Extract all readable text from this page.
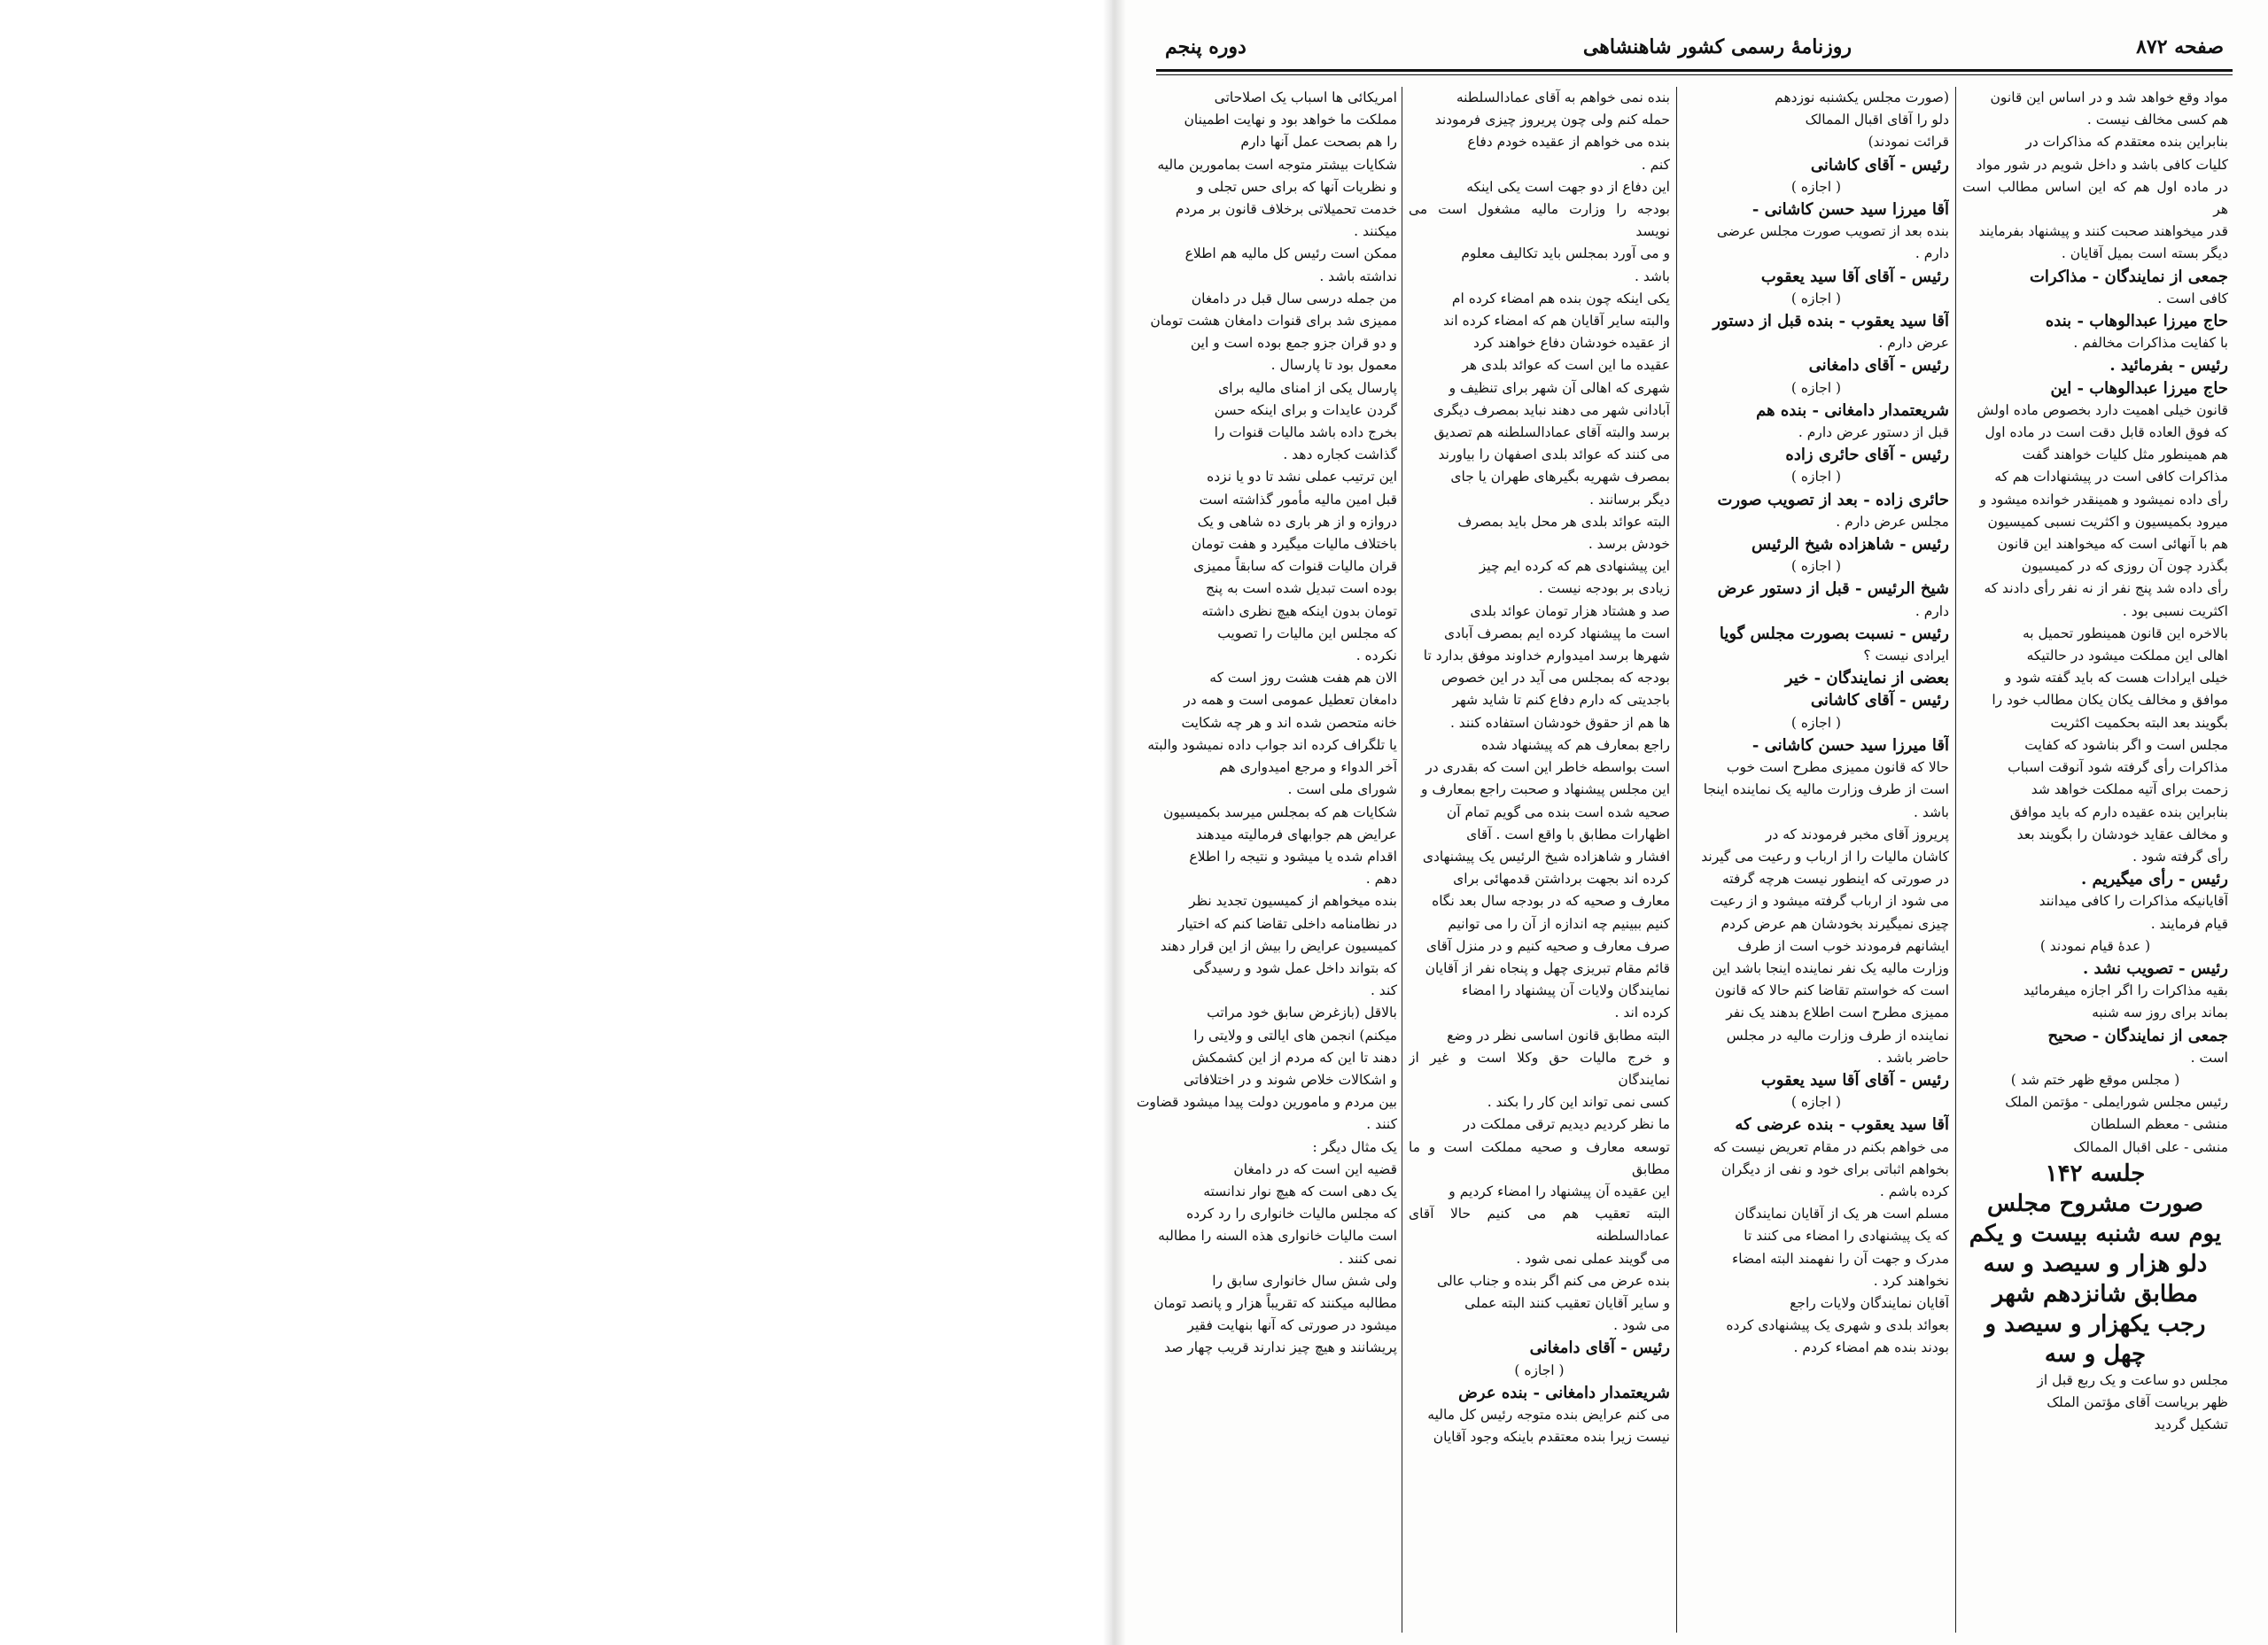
صفحه ۸۷۲
روزنامهٔ رسمی کشور شاهنشاهی
دوره پنجم

مواد وقع خواهد شد و در اساس این قانون

هم کسی مخالف نیست .

بنابراین بنده معتقدم که مذاکرات در

کلیات کافی باشد و داخل شویم در شور مواد

در ماده اول هم که این اساس مطالب است هر

قدر میخواهند صحبت کنند و پیشنهاد بفرمایند

دیگر بسته است بمیل آقایان .

جمعی از نمایندگان - مذاکرات

کافی است .

حاج میرزا عبدالوهاب - بنده

با کفایت مذاکرات مخالفم .

رئیس - بفرمائید .

حاج میرزا عبدالوهاب - این

قانون خیلی اهمیت دارد بخصوص ماده اولش

که فوق العاده قابل دقت است در ماده اول

هم همینطور مثل کلیات خواهند گفت

مذاکرات کافی است در پیشنهادات هم که

رأی داده نمیشود و همینقدر خوانده میشود و

میرود بکمیسیون و اکثریت نسبی کمیسیون

هم با آنهائی است که میخواهند این قانون

بگذرد چون آن روزی که در کمیسیون

رأی داده شد پنج نفر از نه نفر رأی دادند که

اکثریت نسبی بود .

بالاخره این قانون همینطور تحمیل به

اهالی این مملکت میشود در حالتیکه

خیلی ایرادات هست که باید گفته شود و

موافق و مخالف یکان یکان مطالب خود را

بگویند بعد البته بحکمیت اکثریت

مجلس است و اگر بناشود که کفایت

مذاکرات رأی گرفته شود آنوقت اسباب

زحمت برای آتیه مملکت خواهد شد

بنابراین بنده عقیده دارم که باید موافق

و مخالف عقاید خودشان را بگویند بعد

رأی گرفته شود .

رئیس - رأی میگیریم .

آقایانیکه مذاکرات را کافی میدانند

قیام فرمایند .

( عدهٔ قیام نمودند )

رئیس - تصویب نشد .

بقیه مذاکرات را اگر اجازه میفرمائید

بماند برای روز سه شنبه

جمعی از نمایندگان - صحیح

است .

( مجلس موقع ظهر ختم شد )

رئیس مجلس شورایملی - مؤتمن الملک

منشی - معظم السلطان

منشی - علی اقبال الممالک

جلسه ۱۴۲

صورت مشروح مجلس

یوم سه شنبه بیست و یکم

دلو هزار و سیصد و سه

مطابق شانزدهم شهر

رجب یکهزار و سیصد و

چهل و سه

مجلس دو ساعت و یک ربع قبل از

ظهر بریاست آقای مؤتمن الملک

تشکیل گردید

(صورت مجلس یکشنبه نوزدهم

دلو را آقای اقبال الممالک

قرائت نمودند)

رئیس - آقای کاشانی

( اجازه )

آقا میرزا سید حسن کاشانی -

بنده بعد از تصویب صورت مجلس عرضی

دارم .

رئیس - آقای آقا سید یعقوب

( اجازه )

آقا سید یعقوب - بنده قبل از دستور

عرض دارم .

رئیس - آقای دامغانی

( اجازه )

شریعتمدار دامغانی - بنده هم

قبل از دستور عرض دارم .

رئیس - آقای حائری زاده

( اجازه )

حائری زاده - بعد از تصویب صورت

مجلس عرض دارم .

رئیس - شاهزاده شیخ الرئیس

( اجازه )

شیخ الرئیس - قبل از دستور عرض

دارم .

رئیس - نسبت بصورت مجلس گویا

ایرادی نیست ؟

بعضی از نمایندگان - خیر

رئیس - آقای کاشانی

( اجازه )

آقا میرزا سید حسن کاشانی -

حالا که قانون ممیزی مطرح است خوب

است از طرف وزارت مالیه یک نماینده اینجا

باشد .

پریروز آقای مخبر فرمودند که در

کاشان مالیات را از ارباب و رعیت می گیرند

در صورتی که اینطور نیست هرچه گرفته

می شود از ارباب گرفته میشود و از رعیت

چیزی نمیگیرند بخودشان هم عرض کردم

ایشانهم فرمودند خوب است از طرف

وزارت مالیه یک نفر نماینده اینجا باشد این

است که خواستم تقاضا کنم حالا که قانون

ممیزی مطرح است اطلاع بدهند یک نفر

نماینده از طرف وزارت مالیه در مجلس

حاضر باشد .

رئیس - آقای آقا سید یعقوب

( اجازه )

آقا سید یعقوب - بنده عرضی که

می خواهم بکنم در مقام تعریض نیست که

بخواهم اثباتی برای خود و نفی از دیگران

کرده باشم .

مسلم است هر یک از آقایان نمایندگان

که یک پیشنهادی را امضاء می کنند تا

مدرک و جهت آن را نفهمند البته امضاء

نخواهند کرد .

آقایان نمایندگان ولایات راجع

بعوائد بلدی و شهری یک پیشنهادی کرده

بودند بنده هم امضاء کردم .

بنده نمی خواهم به آقای عمادالسلطنه

حمله کنم ولی چون پریروز چیزی فرمودند

بنده می خواهم از عقیده خودم دفاع

کنم .

این دفاع از دو جهت است یکی اینکه

بودجه را وزارت مالیه مشغول است می نویسد

و می آورد بمجلس باید تکالیف معلوم

باشد .

یکی اینکه چون بنده هم امضاء کرده ام

والبته سایر آقایان هم که امضاء کرده اند

از عقیده خودشان دفاع خواهند کرد

عقیده ما این است که عوائد بلدی هر

شهری که اهالی آن شهر برای تنظیف و

آبادانی شهر می دهند نباید بمصرف دیگری

برسد والبته آقای عمادالسلطنه هم تصدیق

می کنند که عوائد بلدی اصفهان را بیاورند

بمصرف شهریه بگیرهای طهران یا جای

دیگر برسانند .

البته عوائد بلدی هر محل باید بمصرف

خودش برسد .

این پیشنهادی هم که کرده ایم چیز

زیادی بر بودجه نیست .

صد و هشتاد هزار تومان عوائد بلدی

است ما پیشنهاد کرده ایم بمصرف آبادی

شهرها برسد امیدوارم خداوند موفق بدارد تا

بودجه که بمجلس می آید در این خصوص

باجدیتی که دارم دفاع کنم تا شاید شهر

ها هم از حقوق خودشان استفاده کنند .

راجع بمعارف هم که پیشنهاد شده

است بواسطه خاطر این است که بقدری در

این مجلس پیشنهاد و صحبت راجع بمعارف و

صحیه شده است بنده می گویم تمام آن

اظهارات مطابق با واقع است . آقای

افشار و شاهزاده شیخ الرئیس یک پیشنهادی

کرده اند بجهت برداشتن قدمهائی برای

معارف و صحیه که در بودجه سال بعد نگاه

کنیم ببینیم چه اندازه از آن را می توانیم

صرف معارف و صحیه کنیم و در منزل آقای

قائم مقام تبریزی چهل و پنجاه نفر از آقایان

نمایندگان ولایات آن پیشنهاد را امضاء

کرده اند .

البته مطابق قانون اساسی نظر در وضع

و خرج مالیات حق وکلا است و غیر از نمایندگان

کسی نمی تواند این کار را بکند .

ما نظر کردیم دیدیم ترقی مملکت در

توسعه معارف و صحیه مملکت است و ما مطابق

این عقیده آن پیشنهاد را امضاء کردیم و

البته تعقیب هم می کنیم حالا آقای عمادالسلطنه

می گویند عملی نمی شود .

بنده عرض می کنم اگر بنده و جناب عالی

و سایر آقایان تعقیب کنند البته عملی

می شود .

رئیس - آقای دامغانی

( اجازه )

شریعتمدار دامغانی - بنده عرض

می کنم عرایض بنده متوجه رئیس کل مالیه

نیست زیرا بنده معتقدم باینکه وجود آقایان

امریکائی ها اسباب یک اصلاحاتی

مملکت ما خواهد بود و نهایت اطمینان

را هم بصحت عمل آنها دارم

شکایات بیشتر متوجه است بمامورین مالیه

و نظریات آنها که برای حس تجلی و

خدمت تحمیلاتی برخلاف قانون بر مردم

میکنند .

ممکن است رئیس کل مالیه هم اطلاع

نداشته باشد .

من جمله درسی سال قبل در دامغان

ممیزی شد برای قنوات دامغان هشت تومان

و دو قران جزو جمع بوده است و این

معمول بود تا پارسال .

پارسال یکی از امنای مالیه برای

گردن عایدات و برای اینکه حسن

بخرج داده باشد مالیات قنوات را

گذاشت کجاره دهد .

این ترتیب عملی نشد تا دو یا نزده

قبل امین مالیه مأمور گذاشته است

دروازه و از هر باری ده شاهی و یک

باختلاف مالیات میگیرد و هفت تومان

قران مالیات قنوات که سابقاً ممیزی

بوده است تبدیل شده است به پنج

تومان بدون اینکه هیچ نظری داشته

که مجلس این مالیات را تصویب

نکرده .

الان هم هفت هشت روز است که

دامغان تعطیل عمومی است و همه در

خانه متحصن شده اند و هر چه شکایت

یا تلگراف کرده اند جواب داده نمیشود والبته

آخر الدواء و مرجع امیدواری هم

شورای ملی است .

شکایات هم که بمجلس میرسد بکمیسیون

عرایض هم جوابهای فرمالیته میدهند

اقدام شده یا میشود و نتیجه را اطلاع

دهم .

بنده میخواهم از کمیسیون تجدید نظر

در نظامنامه داخلی تقاضا کنم که اختیار

کمیسیون عرایض را بیش از این قرار دهند

که بتواند داخل عمل شود و رسیدگی

کند .

بالاقل (بازغرض سابق خود مراتب

میکنم) انجمن های ایالتی و ولایتی را

دهند تا این که مردم از این کشمکش

و اشکالات خلاص شوند و در اختلافاتی

بین مردم و مامورین دولت پیدا میشود قضاوت

کنند .

یک مثال دیگر :

قضیه این است که در دامغان

یک دهی است که هیچ نوار ندانسته

که مجلس مالیات خانواری را رد کرده

است مالیات خانواری هذه السنه را مطالبه

نمی کنند .

ولی شش سال خانواری سابق را

مطالبه میکنند که تقریباً هزار و پانصد تومان

میشود در صورتی که آنها بنهایت فقیر

پریشانند و هیچ چیز ندارند قریب چهار صد
